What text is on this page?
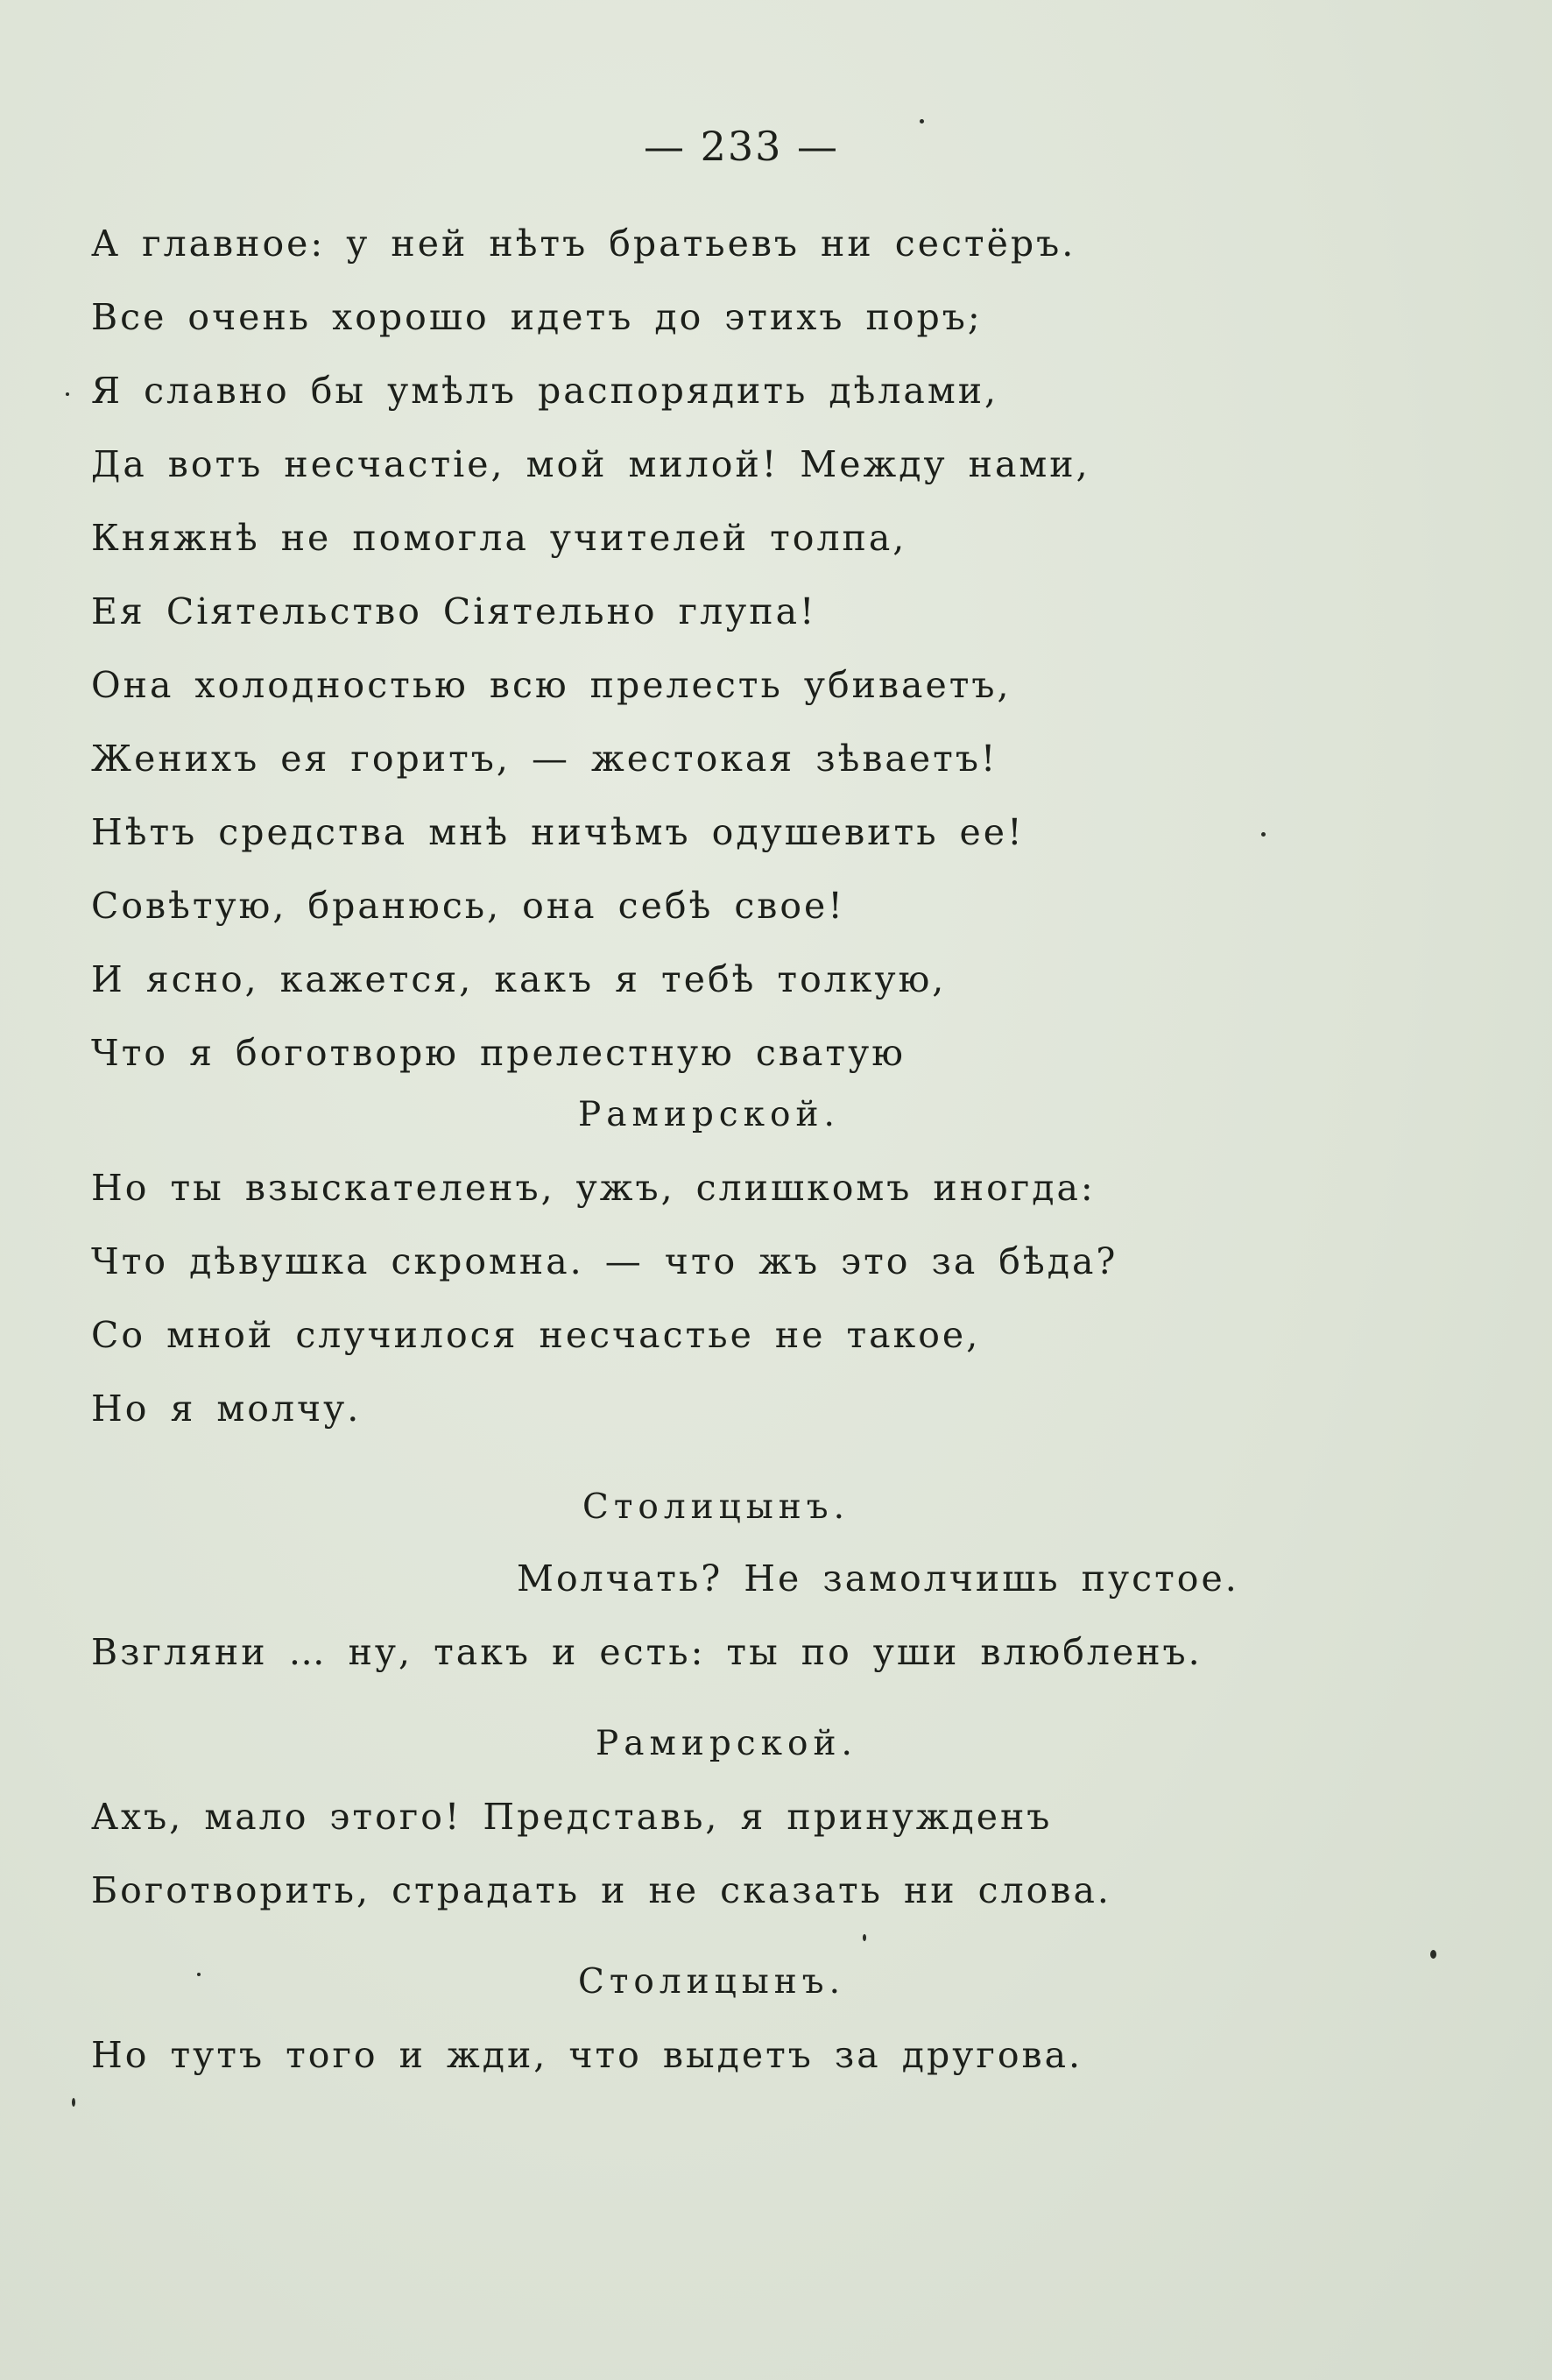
— 233 —
А главное: у ней нѣтъ братьевъ ни сестёръ.
Все очень хорошо идетъ до этихъ поръ;
Я славно бы умѣлъ распорядить дѣлами,
Да вотъ несчастіе, мой милой! Между нами,
Княжнѣ не помогла учителей толпа,
Ея Сіятельство Сіятельно глупа!
Она холодностью всю прелесть убиваетъ,
Женихъ ея горитъ, — жестокая зѣваетъ!
Нѣтъ средства мнѣ ничѣмъ одушевить ее!
Совѣтую, бранюсь, она себѣ свое!
И ясно, кажется, какъ я тебѣ толкую,
Что я боготворю прелестную сватую
Рамирской.
Но ты взыскателенъ, ужъ, слишкомъ иногда:
Что дѣвушка скромна. — что жъ это за бѣда?
Со мной случилося несчастье не такое,
Но я молчу.
Столицынъ.
Молчать? Не замолчишь пустое.
Взгляни … ну, такъ и есть: ты по уши влюбленъ.
Рамирской.
Ахъ, мало этого! Представь, я принужденъ
Боготворить, страдать и не сказать ни слова.
Столицынъ.
Но тутъ того и жди, что выдетъ за другова.
